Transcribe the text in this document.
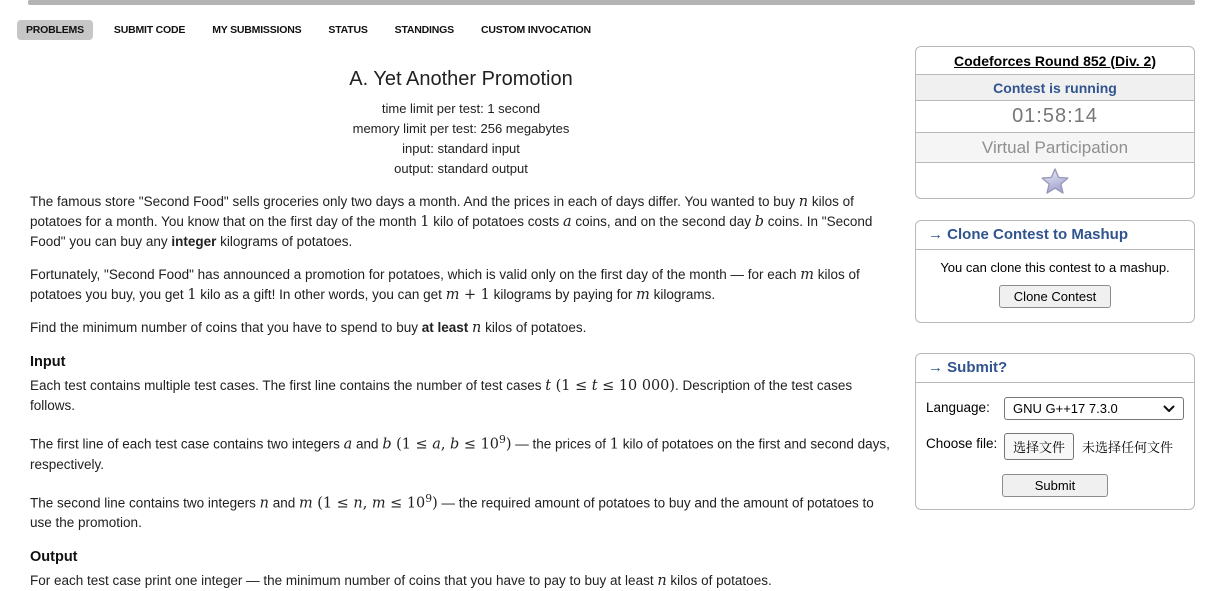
PROBLEMS	SUBMIT CODE	MY SUBMISSIONS	STATUS	STANDINGS	CUSTOM INVOCATION
A. Yet Another Promotion
time limit per test: 1 second
memory limit per test: 256 megabytes
input: standard input
output: standard output

The famous store "Second Food" sells groceries only two days a month. And the prices in each of days differ. You wanted to buy n kilos of potatoes for a month. You know that on the first day of the month 1 kilo of potatoes costs a coins, and on the second day b coins. In "Second Food" you can buy any integer kilograms of potatoes.

Fortunately, "Second Food" has announced a promotion for potatoes, which is valid only on the first day of the month — for each m kilos of potatoes you buy, you get 1 kilo as a gift! In other words, you can get m + 1 kilograms by paying for m kilograms.

Find the minimum number of coins that you have to spend to buy at least n kilos of potatoes.

Input

Each test contains multiple test cases. The first line contains the number of test cases t (1 ≤ t ≤ 10 000). Description of the test cases follows.

The first line of each test case contains two integers a and b (1 ≤ a, $b \le 10^9$) — the prices of 1 kilo of potatoes on the first and second days, respectively.

The second line contains two integers n and m (1 ≤ n, $m \le 10^9$) — the required amount of potatoes to buy and the amount of potatoes to use the promotion.

Output

For each test case print one integer — the minimum number of coins that you have to pay to buy at least n kilos of potatoes.

Codeforces Round 852 (Div. 2)
Contest is running
01:58:14
Virtual Participation
→ Clone Contest to Mashup
You can clone this contest to a mashup.
Clone Contest
→ Submit?
Language:	GNU G++17 7.3.0
Choose file:	选择文件	未选择任何文件
Submit
